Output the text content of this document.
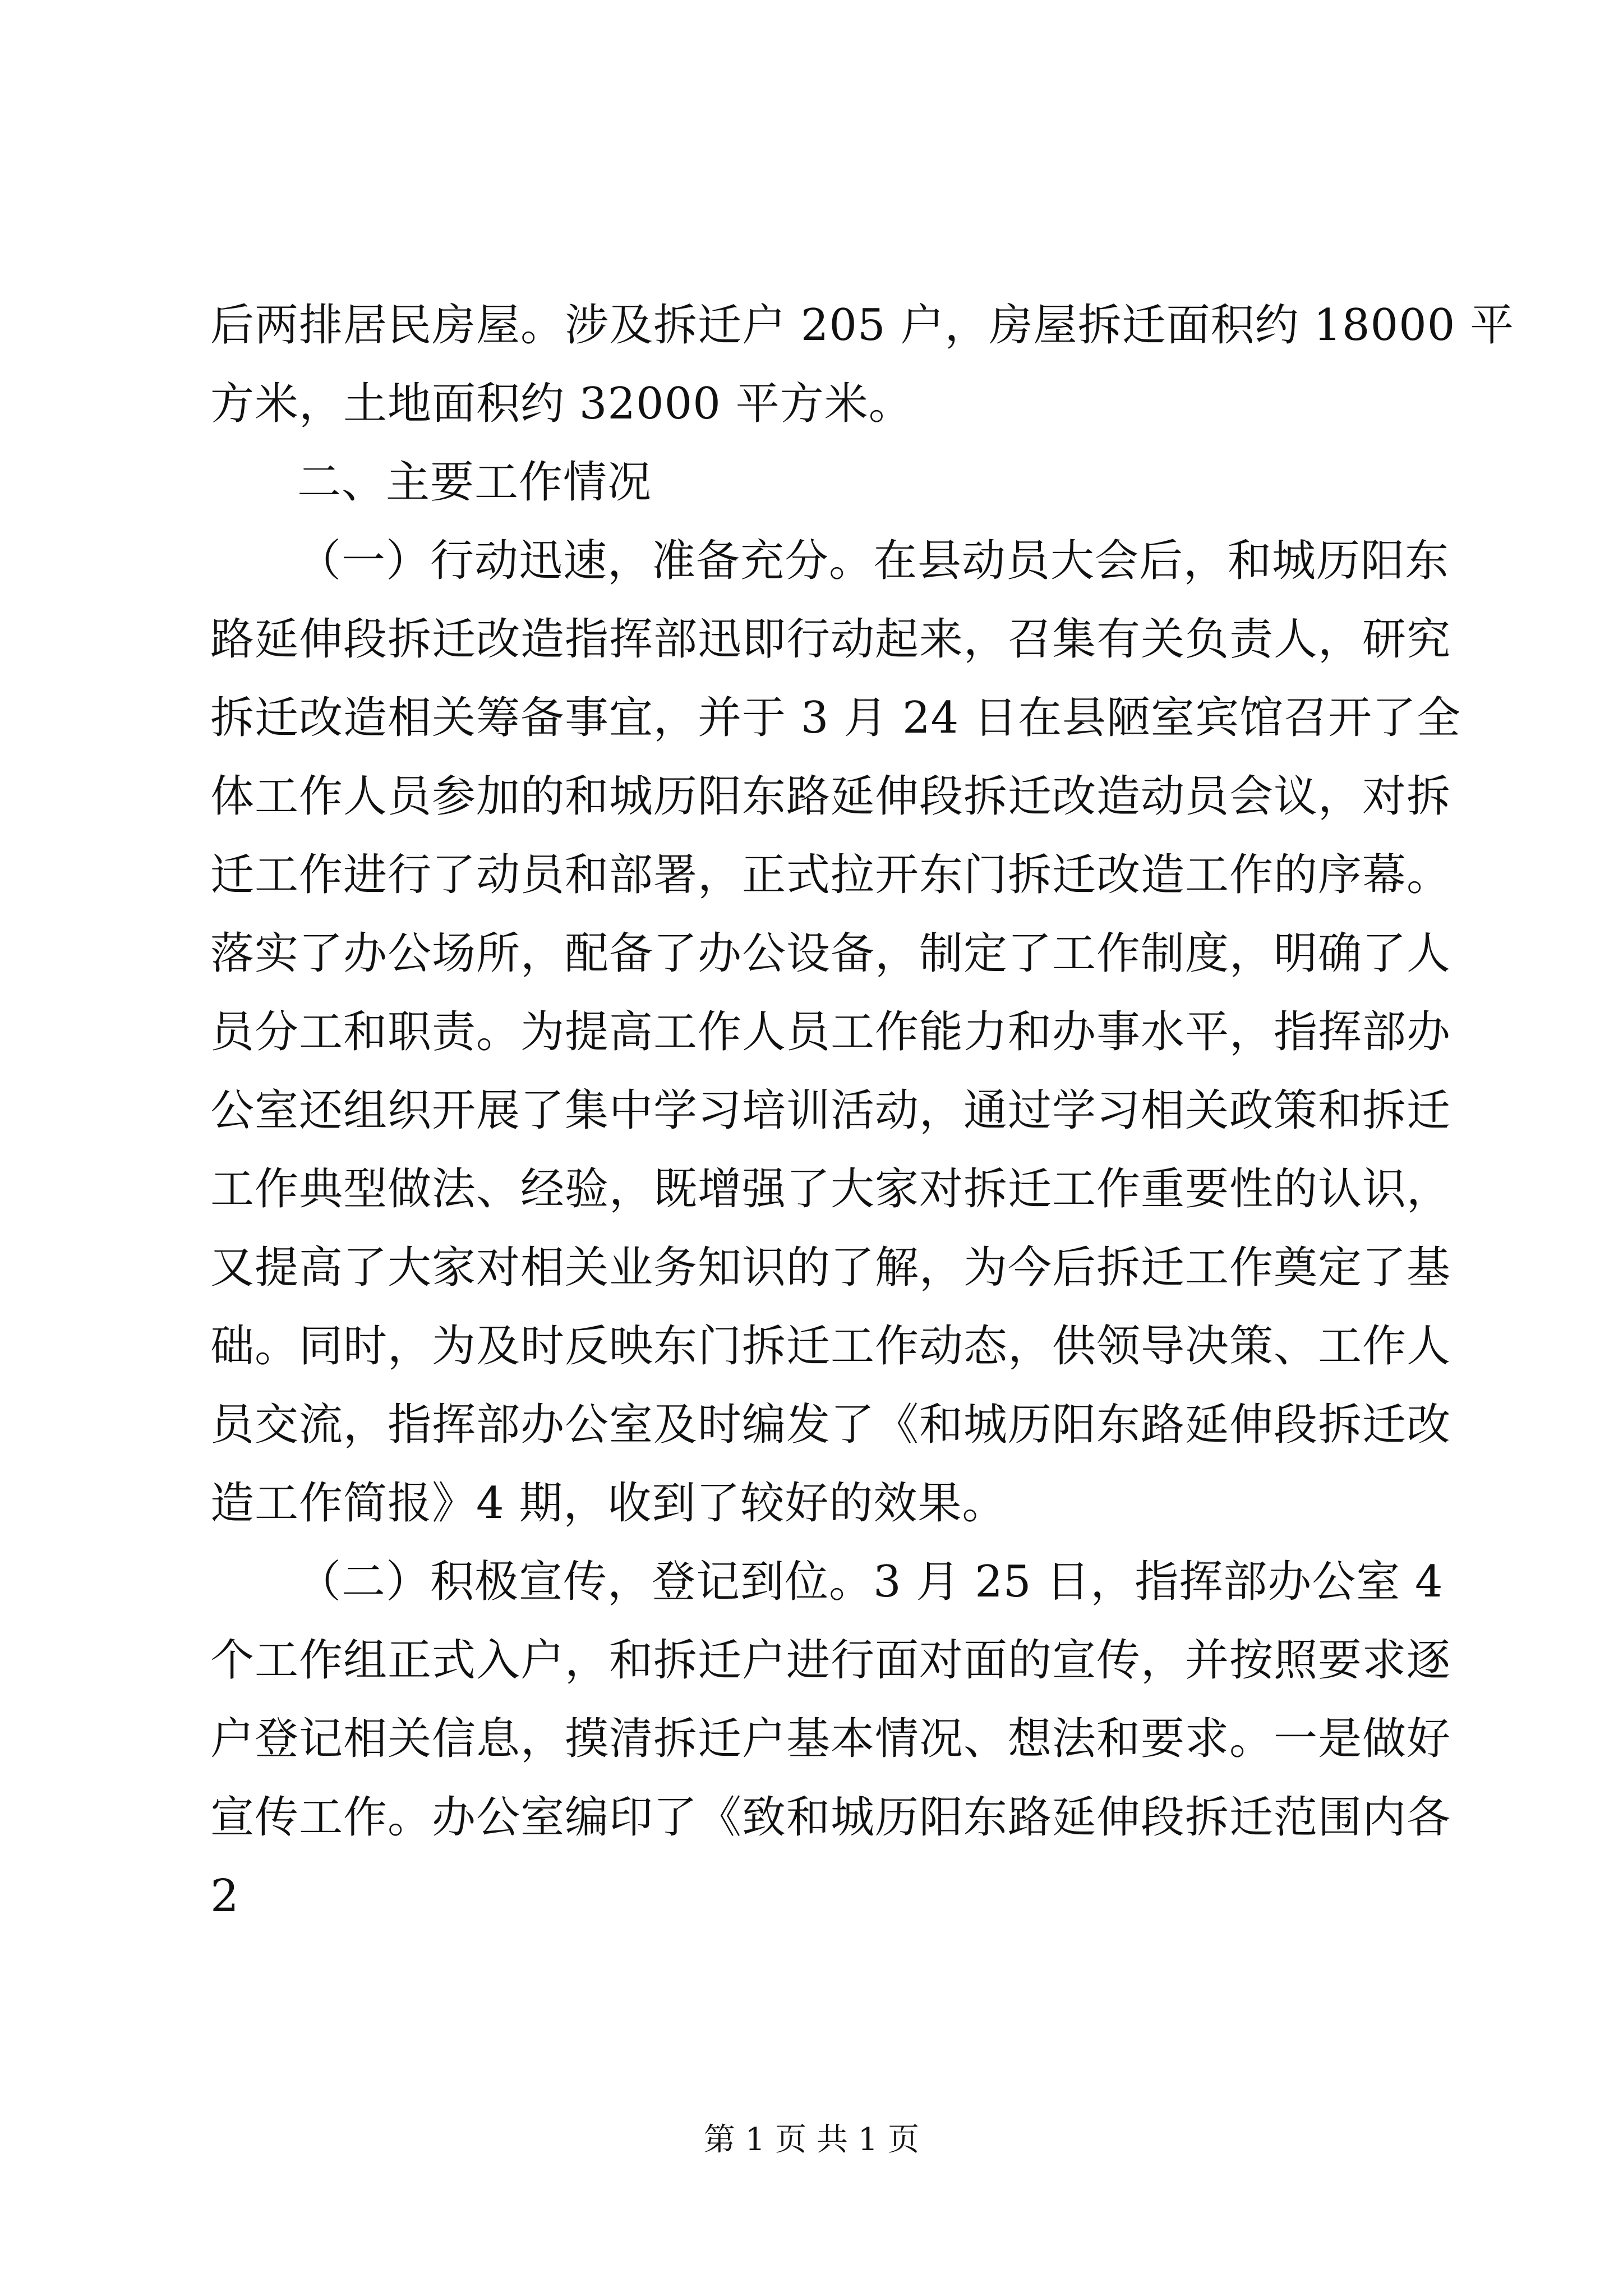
后两排居民房屋。涉及拆迁户 205 户，房屋拆迁面积约 18000 平
方米，土地面积约 32000 平方米。
二、主要工作情况
（一）行动迅速，准备充分。在县动员大会后，和城历阳东
路延伸段拆迁改造指挥部迅即行动起来，召集有关负责人，研究
拆迁改造相关筹备事宜，并于 3 月 24 日在县陋室宾馆召开了全
体工作人员参加的和城历阳东路延伸段拆迁改造动员会议，对拆
迁工作进行了动员和部署，正式拉开东门拆迁改造工作的序幕。
落实了办公场所，配备了办公设备，制定了工作制度，明确了人
员分工和职责。为提高工作人员工作能力和办事水平，指挥部办
公室还组织开展了集中学习培训活动，通过学习相关政策和拆迁
工作典型做法、经验，既增强了大家对拆迁工作重要性的认识，
又提高了大家对相关业务知识的了解，为今后拆迁工作奠定了基
础。同时，为及时反映东门拆迁工作动态，供领导决策、工作人
员交流，指挥部办公室及时编发了《和城历阳东路延伸段拆迁改
造工作简报》4 期，收到了较好的效果。
（二）积极宣传，登记到位。3 月 25 日，指挥部办公室 4
个工作组正式入户，和拆迁户进行面对面的宣传，并按照要求逐
户登记相关信息，摸清拆迁户基本情况、想法和要求。一是做好
宣传工作。办公室编印了《致和城历阳东路延伸段拆迁范围内各
2
第 1 页 共 1 页
